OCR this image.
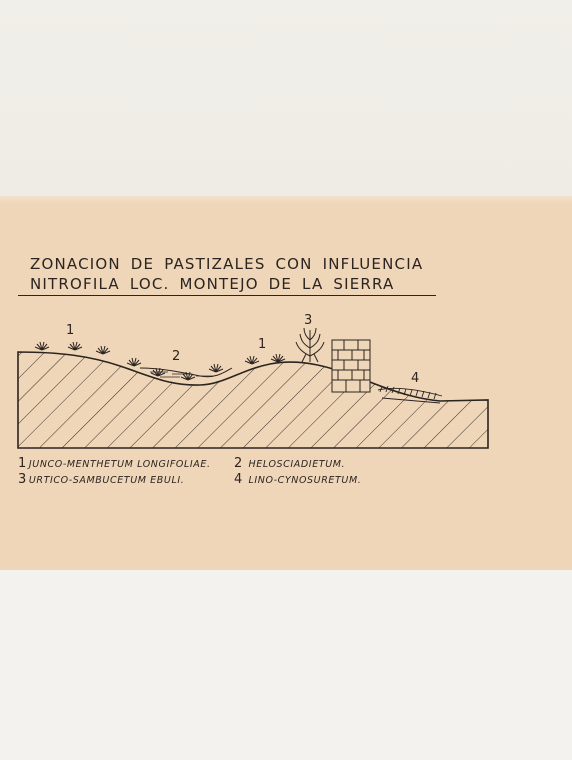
ZONACION DE PASTIZALES CON INFLUENCIA
NITROFILA LOC. MONTEJO DE LA SIERRA
1
2
1
3
4
1 JUNCO-MENTHETUM LONGIFOLIAE. 2 HELOSCIADIETUM.
3 URTICO-SAMBUCETUM EBULI.	4 LINO-CYNOSURETUM.
